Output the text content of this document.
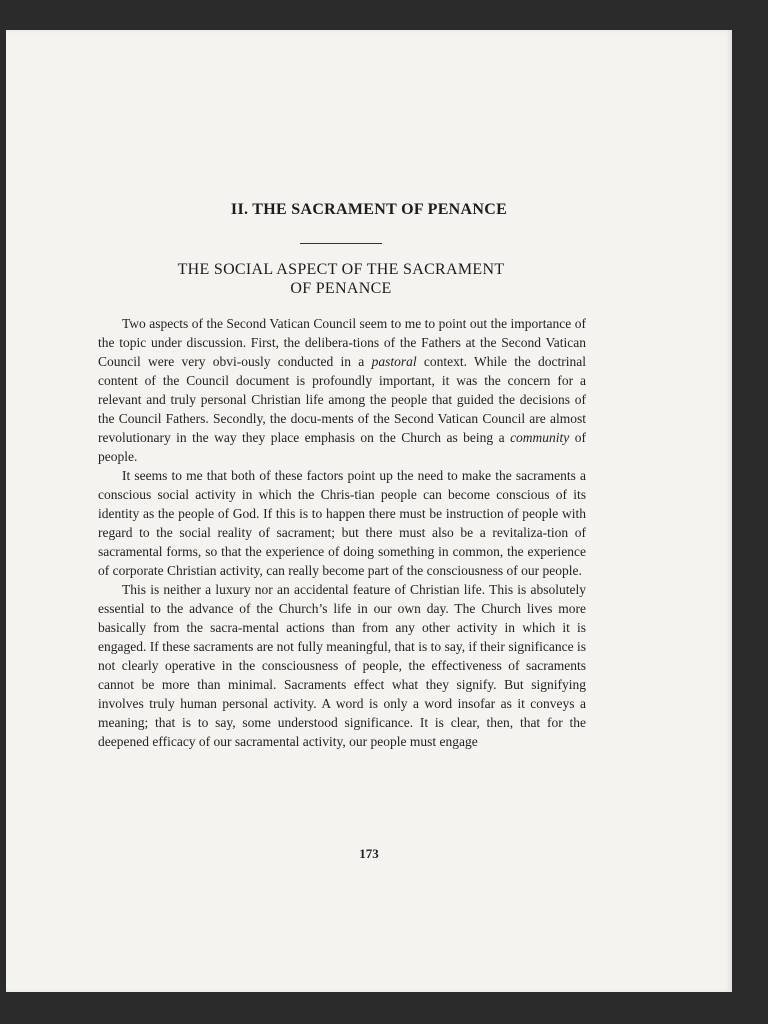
II. THE SACRAMENT OF PENANCE
THE SOCIAL ASPECT OF THE SACRAMENT
OF PENANCE

Two aspects of the Second Vatican Council seem to me to point out the importance of the topic under discussion. First, the delibera-tions of the Fathers at the Second Vatican Council were very obvi-ously conducted in a pastoral context. While the doctrinal content of the Council document is profoundly important, it was the concern for a relevant and truly personal Christian life among the people that guided the decisions of the Council Fathers. Secondly, the docu-ments of the Second Vatican Council are almost revolutionary in the way they place emphasis on the Church as being a community of people.

It seems to me that both of these factors point up the need to make the sacraments a conscious social activity in which the Chris-tian people can become conscious of its identity as the people of God. If this is to happen there must be instruction of people with regard to the social reality of sacrament; but there must also be a revitaliza-tion of sacramental forms, so that the experience of doing something in common, the experience of corporate Christian activity, can really become part of the consciousness of our people.

This is neither a luxury nor an accidental feature of Christian life. This is absolutely essential to the advance of the Church’s life in our own day. The Church lives more basically from the sacra-mental actions than from any other activity in which it is engaged. If these sacraments are not fully meaningful, that is to say, if their significance is not clearly operative in the consciousness of people, the effectiveness of sacraments cannot be more than minimal. Sacraments effect what they signify. But signifying involves truly human personal activity. A word is only a word insofar as it conveys a meaning; that is to say, some understood significance. It is clear, then, that for the deepened efficacy of our sacramental activity, our people must engage

173
